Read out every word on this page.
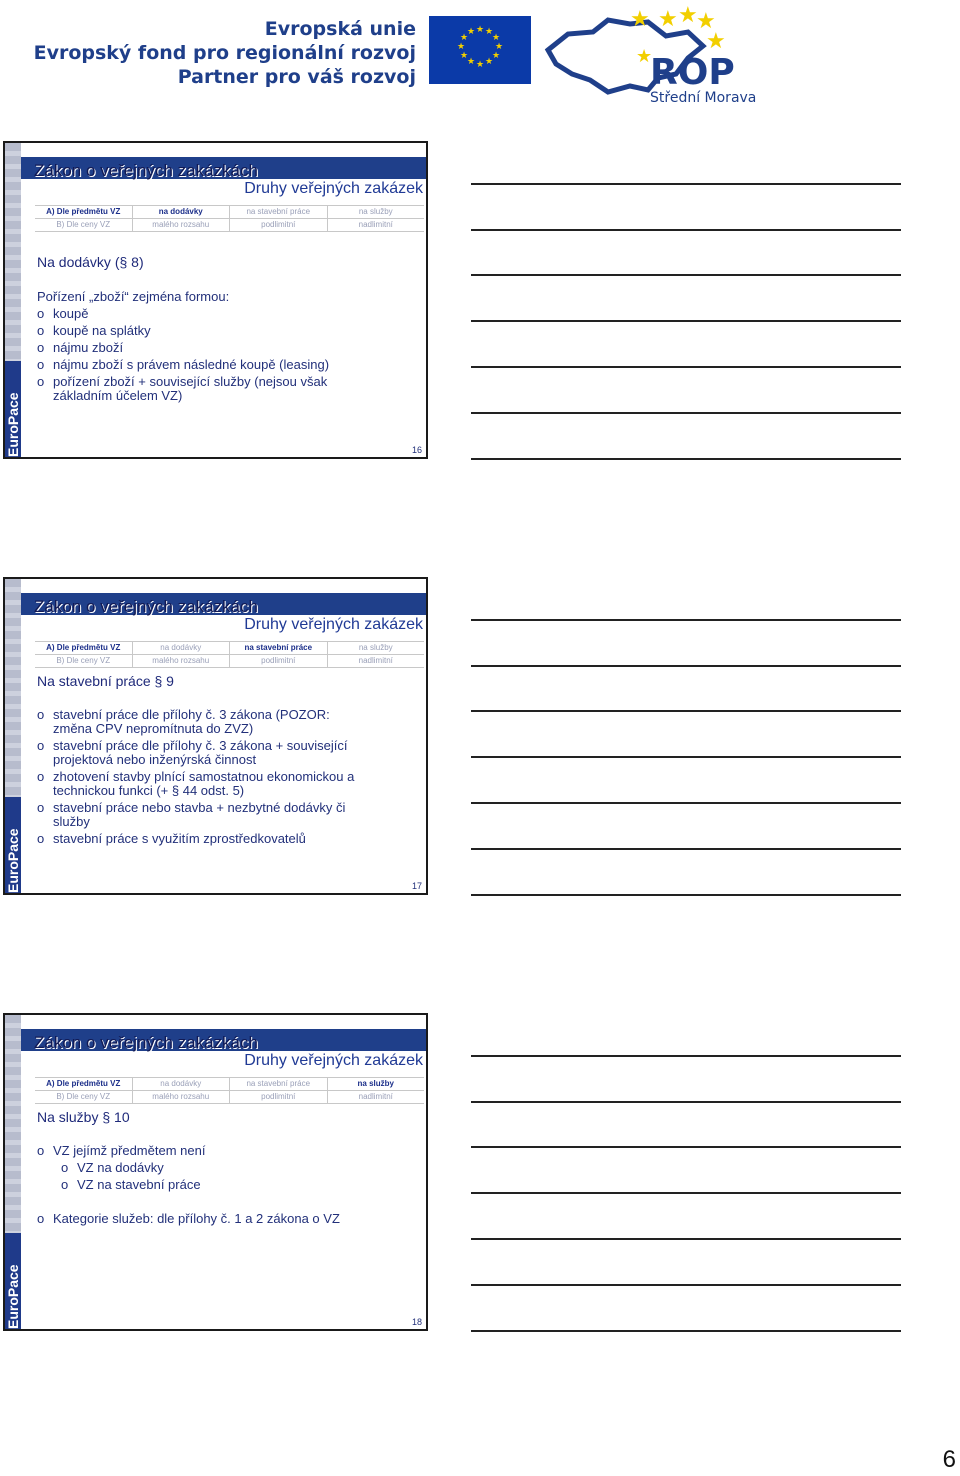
Evropská unie
Evropský fond pro regionální rozvoj
Partner pro váš rozvoj
★ ★
★
★
★
★
★
★
★
★
★
★	★ ★ ★
★
★
★
ROP
Střední Morava
EuroPace
Zákon o veřejných zakázkách
Druhy veřejných zakázek
A) Dle předmětu VZ	na dodávky	na stavební práce	na služby
B) Dle ceny VZ	malého rozsahu	podlimitní	nadlimitní
Na dodávky (§ 8)
Pořízení „zboží“ zejména formou:
o koupě
o koupě na splátky
o nájmu zboží
o nájmu zboží s právem následné koupě (leasing)
o pořízení zboží + související služby (nejsou však základním účelem VZ)
16
EuroPace
Zákon o veřejných zakázkách
Druhy veřejných zakázek
A) Dle předmětu VZ	na dodávky	na stavební práce	na služby
B) Dle ceny VZ	malého rozsahu	podlimitní	nadlimitní
Na stavební práce § 9
o stavební práce dle přílohy č. 3 zákona (POZOR: změna CPV nepromítnuta do ZVZ)
o stavební práce dle přílohy č. 3 zákona + související projektová nebo inženýrská činnost
o zhotovení stavby plnící samostatnou ekonomickou a technickou funkci (+ § 44 odst. 5)
o stavební práce nebo stavba + nezbytné dodávky či služby
o stavební práce s využitím zprostředkovatelů
17
EuroPace
Zákon o veřejných zakázkách
Druhy veřejných zakázek
A) Dle předmětu VZ	na dodávky	na stavební práce	na služby
B) Dle ceny VZ	malého rozsahu	podlimitní	nadlimitní
Na služby § 10
o VZ jejímž předmětem není
o VZ na dodávky
o VZ na stavební práce
o Kategorie služeb: dle přílohy č. 1 a 2 zákona o VZ
18
6
